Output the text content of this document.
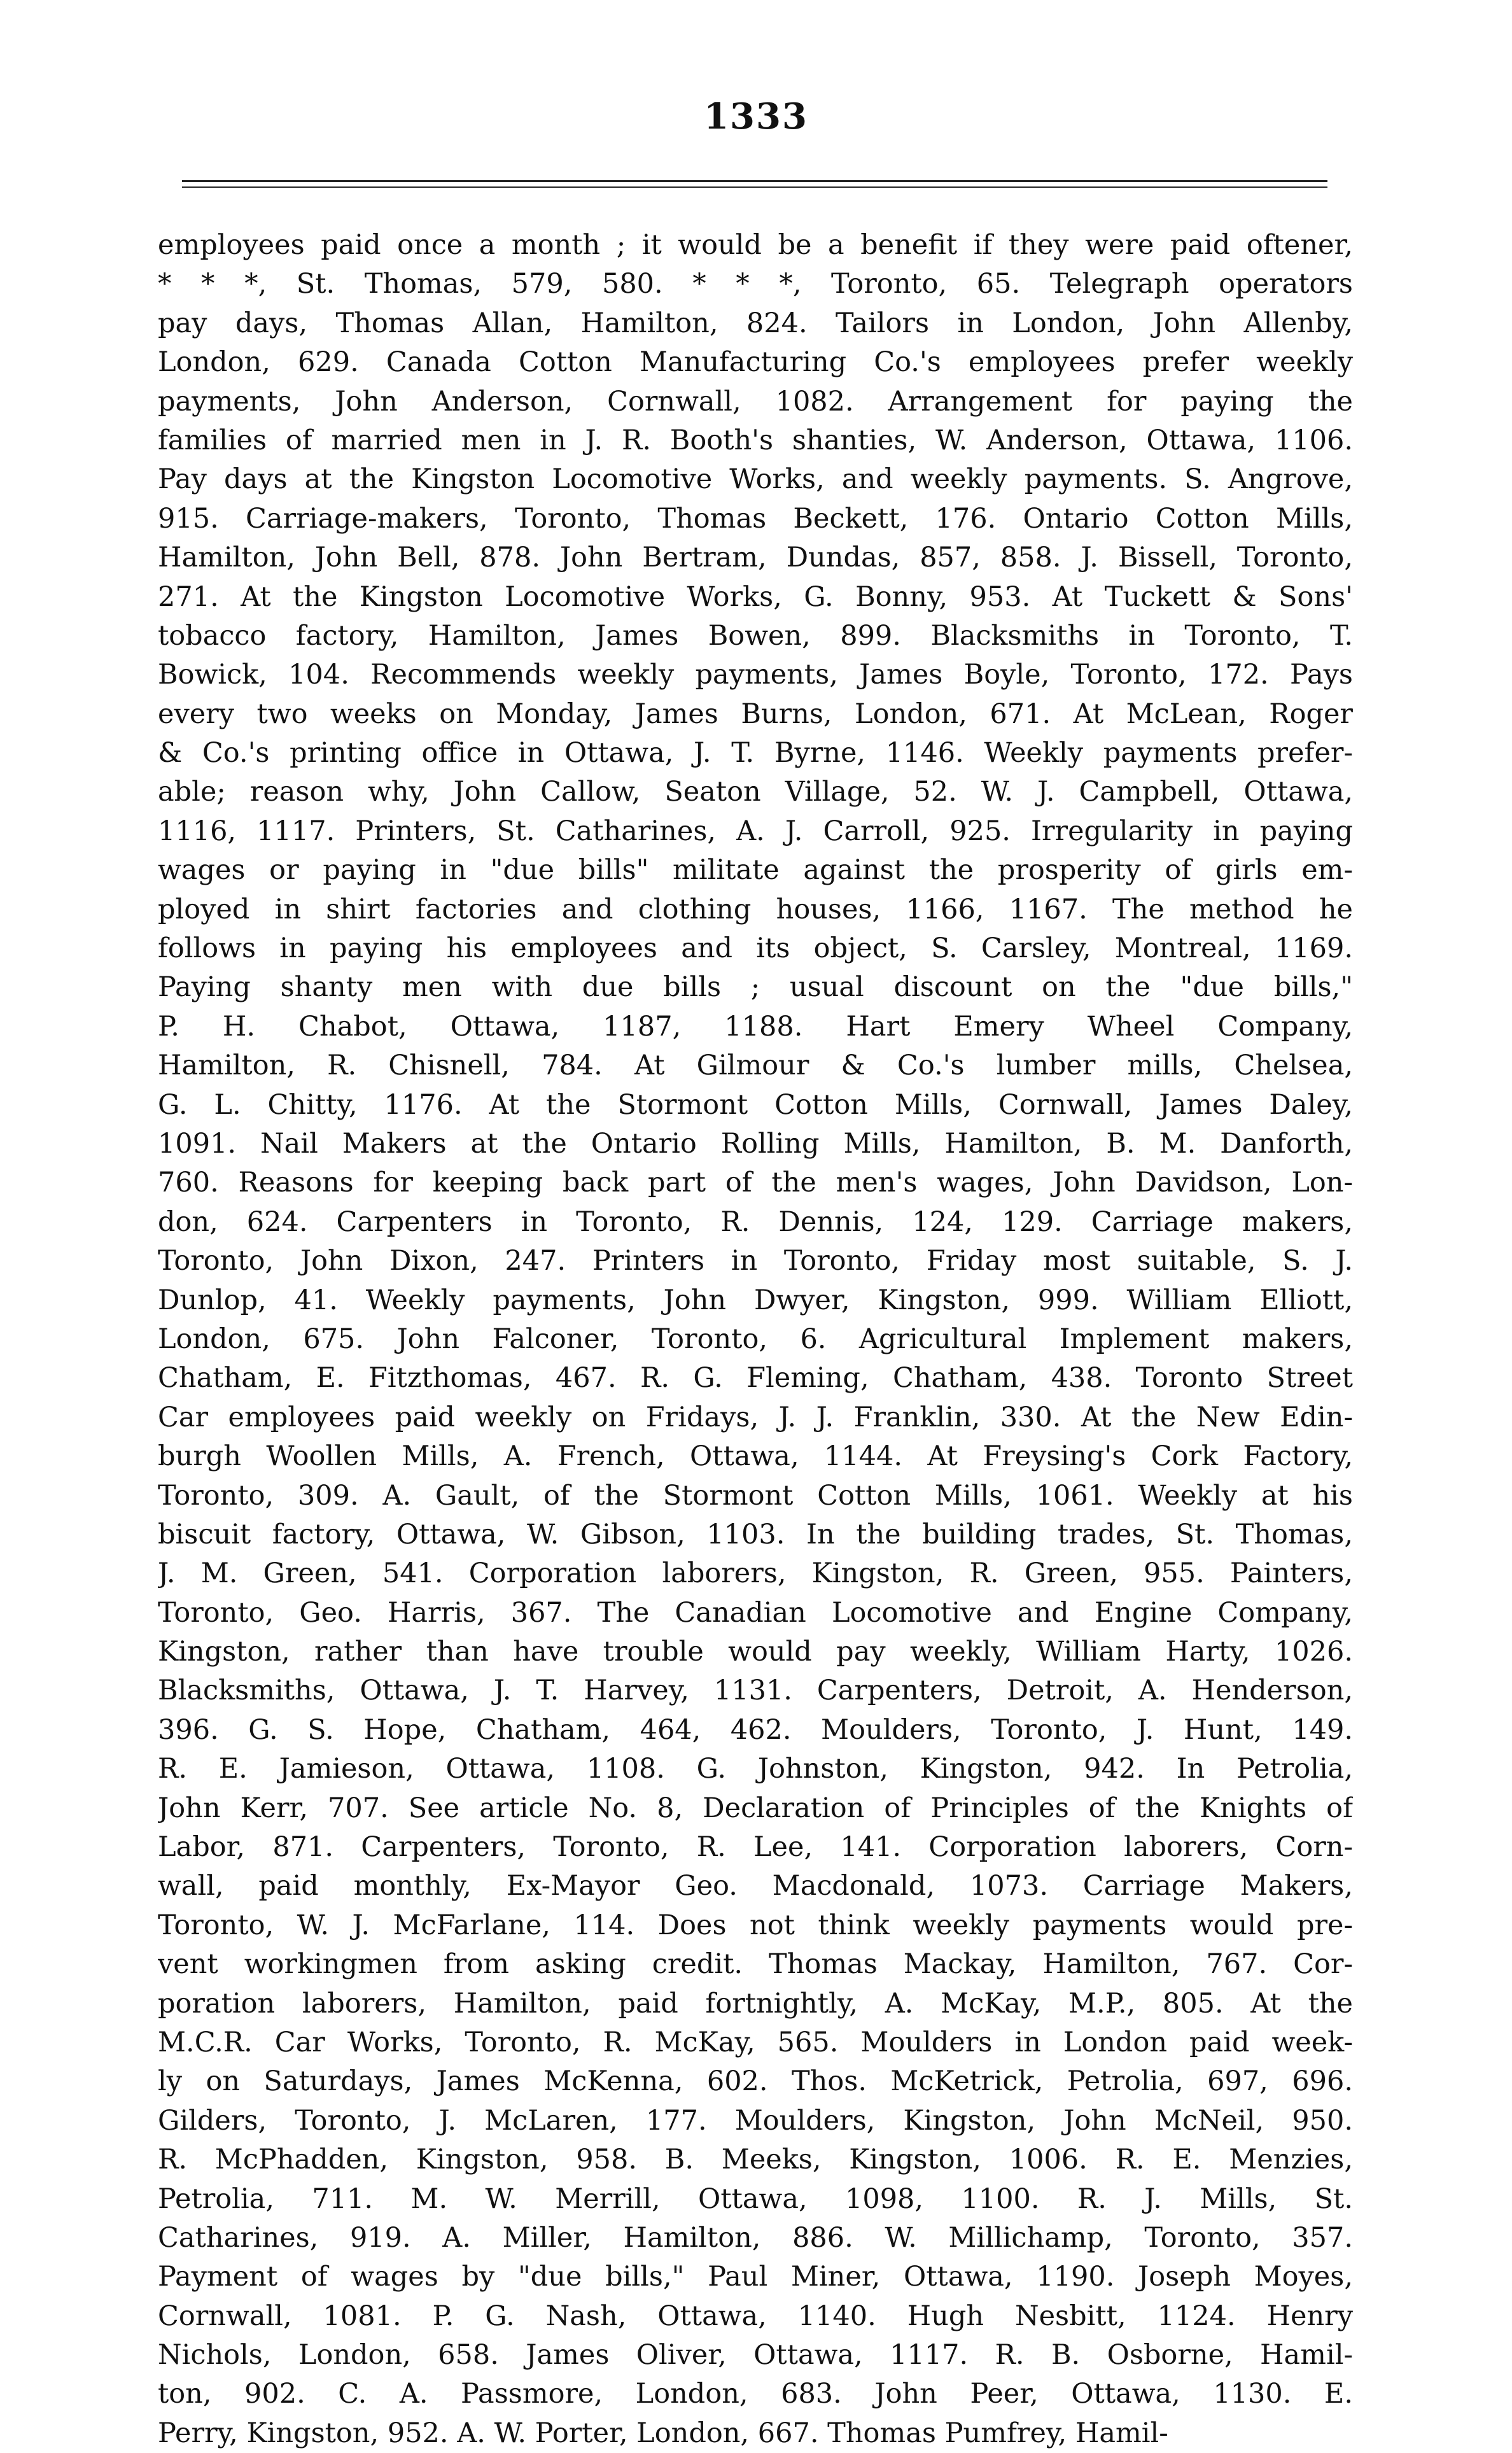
1333
employees paid once a month ; it would be a benefit if they were paid oftener,
* * *, St. Thomas, 579, 580. * * *, Toronto, 65. Telegraph operators
pay days, Thomas Allan, Hamilton, 824. Tailors in London, John Allenby,
London, 629. Canada Cotton Manufacturing Co.'s employees prefer weekly
payments, John Anderson, Cornwall, 1082. Arrangement for paying the
families of married men in J. R. Booth's shanties, W. Anderson, Ottawa, 1106.
Pay days at the Kingston Locomotive Works, and weekly payments. S. Angrove,
915. Carriage-makers, Toronto, Thomas Beckett, 176. Ontario Cotton Mills,
Hamilton, John Bell, 878. John Bertram, Dundas, 857, 858. J. Bissell, Toronto,
271. At the Kingston Locomotive Works, G. Bonny, 953. At Tuckett & Sons'
tobacco factory, Hamilton, James Bowen, 899. Blacksmiths in Toronto, T.
Bowick, 104. Recommends weekly payments, James Boyle, Toronto, 172. Pays
every two weeks on Monday, James Burns, London, 671. At McLean, Roger
& Co.'s printing office in Ottawa, J. T. Byrne, 1146. Weekly payments prefer-
able; reason why, John Callow, Seaton Village, 52. W. J. Campbell, Ottawa,
1116, 1117. Printers, St. Catharines, A. J. Carroll, 925. Irregularity in paying
wages or paying in "due bills" militate against the prosperity of girls em-
ployed in shirt factories and clothing houses, 1166, 1167. The method he
follows in paying his employees and its object, S. Carsley, Montreal, 1169.
Paying shanty men with due bills ; usual discount on the "due bills,"
P. H. Chabot, Ottawa, 1187, 1188. Hart Emery Wheel Company,
Hamilton, R. Chisnell, 784. At Gilmour & Co.'s lumber mills, Chelsea,
G. L. Chitty, 1176. At the Stormont Cotton Mills, Cornwall, James Daley,
1091. Nail Makers at the Ontario Rolling Mills, Hamilton, B. M. Danforth,
760. Reasons for keeping back part of the men's wages, John Davidson, Lon-
don, 624. Carpenters in Toronto, R. Dennis, 124, 129. Carriage makers,
Toronto, John Dixon, 247. Printers in Toronto, Friday most suitable, S. J.
Dunlop, 41. Weekly payments, John Dwyer, Kingston, 999. William Elliott,
London, 675. John Falconer, Toronto, 6. Agricultural Implement makers,
Chatham, E. Fitzthomas, 467. R. G. Fleming, Chatham, 438. Toronto Street
Car employees paid weekly on Fridays, J. J. Franklin, 330. At the New Edin-
burgh Woollen Mills, A. French, Ottawa, 1144. At Freysing's Cork Factory,
Toronto, 309. A. Gault, of the Stormont Cotton Mills, 1061. Weekly at his
biscuit factory, Ottawa, W. Gibson, 1103. In the building trades, St. Thomas,
J. M. Green, 541. Corporation laborers, Kingston, R. Green, 955. Painters,
Toronto, Geo. Harris, 367. The Canadian Locomotive and Engine Company,
Kingston, rather than have trouble would pay weekly, William Harty, 1026.
Blacksmiths, Ottawa, J. T. Harvey, 1131. Carpenters, Detroit, A. Henderson,
396. G. S. Hope, Chatham, 464, 462. Moulders, Toronto, J. Hunt, 149.
R. E. Jamieson, Ottawa, 1108. G. Johnston, Kingston, 942. In Petrolia,
John Kerr, 707. See article No. 8, Declaration of Principles of the Knights of
Labor, 871. Carpenters, Toronto, R. Lee, 141. Corporation laborers, Corn-
wall, paid monthly, Ex-Mayor Geo. Macdonald, 1073. Carriage Makers,
Toronto, W. J. McFarlane, 114. Does not think weekly payments would pre-
vent workingmen from asking credit. Thomas Mackay, Hamilton, 767. Cor-
poration laborers, Hamilton, paid fortnightly, A. McKay, M.P., 805. At the
M.C.R. Car Works, Toronto, R. McKay, 565. Moulders in London paid week-
ly on Saturdays, James McKenna, 602. Thos. McKetrick, Petrolia, 697, 696.
Gilders, Toronto, J. McLaren, 177. Moulders, Kingston, John McNeil, 950.
R. McPhadden, Kingston, 958. B. Meeks, Kingston, 1006. R. E. Menzies,
Petrolia, 711. M. W. Merrill, Ottawa, 1098, 1100. R. J. Mills, St.
Catharines, 919. A. Miller, Hamilton, 886. W. Millichamp, Toronto, 357.
Payment of wages by "due bills," Paul Miner, Ottawa, 1190. Joseph Moyes,
Cornwall, 1081. P. G. Nash, Ottawa, 1140. Hugh Nesbitt, 1124. Henry
Nichols, London, 658. James Oliver, Ottawa, 1117. R. B. Osborne, Hamil-
ton, 902. C. A. Passmore, London, 683. John Peer, Ottawa, 1130. E.
Perry, Kingston, 952. A. W. Porter, London, 667. Thomas Pumfrey, Hamil-
